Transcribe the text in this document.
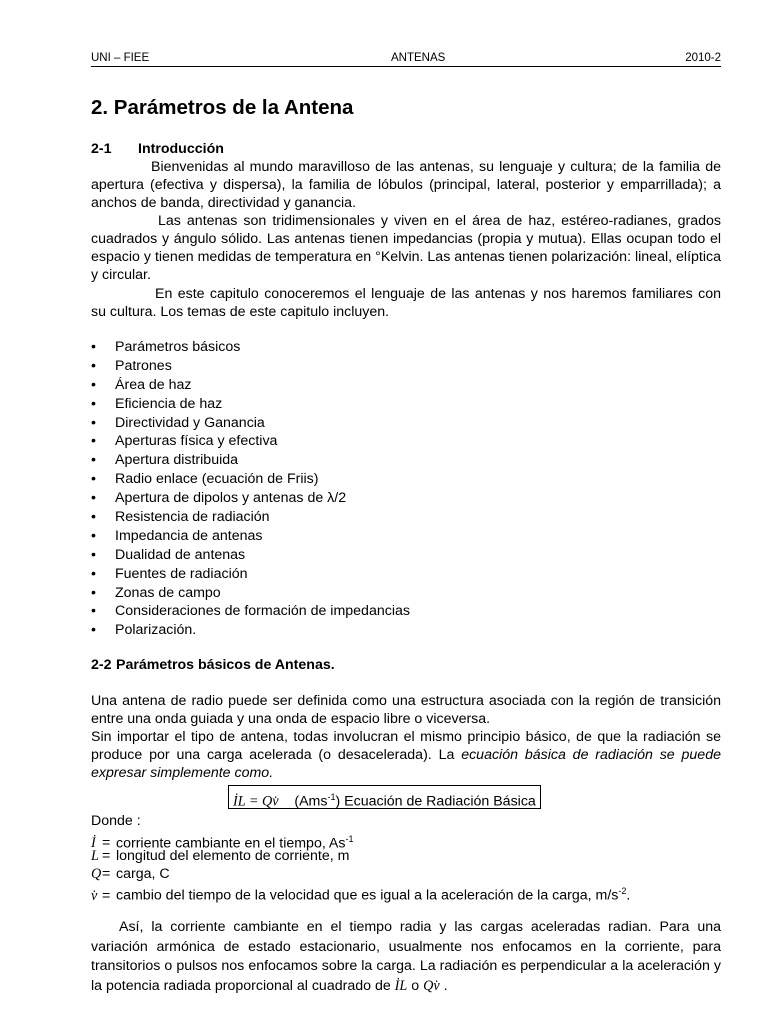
UNI – FIEE	ANTENAS	2010-2
2. Parámetros de la Antena
2-1 Introducción

Bienvenidas al mundo maravilloso de las antenas, su lenguaje y cultura; de la familia de apertura (efectiva y dispersa), la familia de lóbulos (principal, lateral, posterior y emparrillada); a anchos de banda, directividad y ganancia.

Las antenas son tridimensionales y viven en el área de haz, estéreo-radianes, grados cuadrados y ángulo sólido. Las antenas tienen impedancias (propia y mutua). Ellas ocupan todo el espacio y tienen medidas de temperatura en °Kelvin. Las antenas tienen polarización: lineal, elíptica y circular.

En este capitulo conoceremos el lenguaje de las antenas y nos haremos familiares con su cultura. Los temas de este capitulo incluyen.

• Parámetros básicos
• Patrones
• Área de haz
• Eficiencia de haz
• Directividad y Ganancia
• Aperturas física y efectiva
• Apertura distribuida
• Radio enlace (ecuación de Friis)
• Apertura de dipolos y antenas de λ/2
• Resistencia de radiación
• Impedancia de antenas
• Dualidad de antenas
• Fuentes de radiación
• Zonas de campo
• Consideraciones de formación de impedancias
• Polarización.
2-2 Parámetros básicos de Antenas.

Una antena de radio puede ser definida como una estructura asociada con la región de transición entre una onda guiada y una onda de espacio libre o viceversa.

Sin importar el tipo de antena, todas involucran el mismo principio básico, de que la radiación se produce por una carga acelerada (o desacelerada). La ecuación básica de radiación se puede expresar simplemente como.

İL = Qv̇ (Ams$^{-1}$) Ecuación de Radiación Básica
Donde :
İ = corriente cambiante en el tiempo, $As^{-1}$
L = longitud del elemento de corriente, m
Q= carga, C
v̇ = cambio del tiempo de la velocidad que es igual a la aceleración de la carga, $m/s^{-2}$.

Así, la corriente cambiante en el tiempo radia y las cargas aceleradas radian. Para una variación armónica de estado estacionario, usualmente nos enfocamos en la corriente, para transitorios o pulsos nos enfocamos sobre la carga. La radiación es perpendicular a la aceleración y la potencia radiada proporcional al cuadrado de İL o Qv̇ .
